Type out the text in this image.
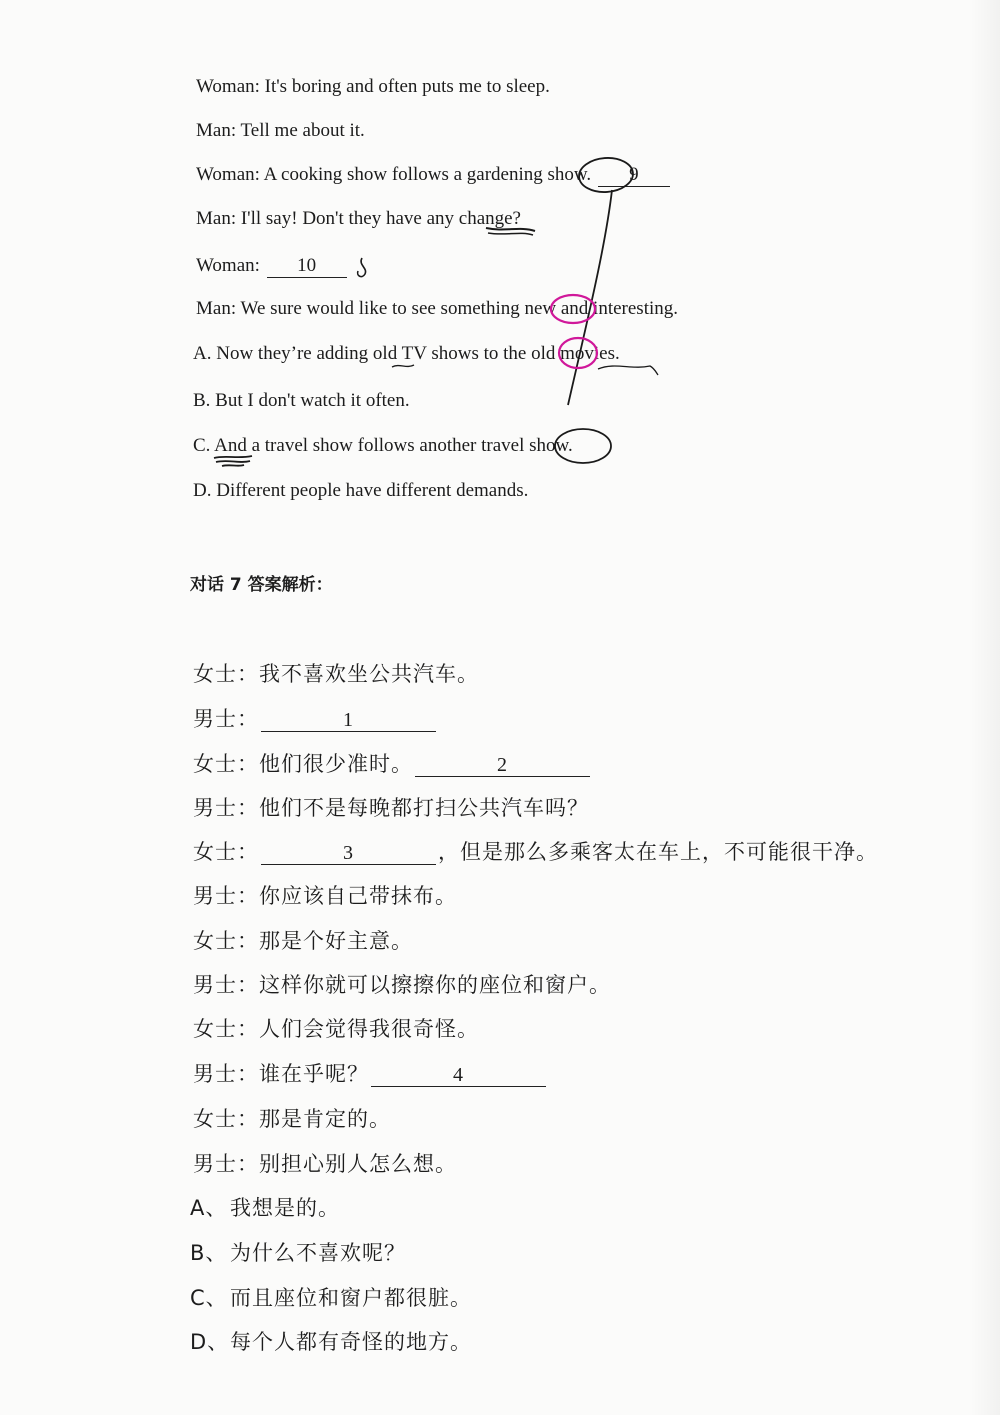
Woman: It's boring and often puts me to sleep.
Man: Tell me about it.
Woman: A cooking show follows a gardening show. 9
Man: I'll say! Don't they have any change?
Woman: 10
Man: We sure would like to see something new and interesting.
A. Now they’re adding old TV shows to the old movies.
B. But I don't watch it often.
C. And a travel show follows another travel show.
D. Different people have different demands.
对话 7 答案解析：
女士：我不喜欢坐公共汽车。
男士：	1
女士：他们很少准时。	2
男士：他们不是每晚都打扫公共汽车吗？
女士：	3	，但是那么多乘客太在车上，不可能很干净。
男士：你应该自己带抹布。
女士：那是个好主意。
男士：这样你就可以擦擦你的座位和窗户。
女士：人们会觉得我很奇怪。
男士：谁在乎呢？	4
女士：那是肯定的。
男士：别担心别人怎么想。
A、 我想是的。
B、 为什么不喜欢呢？
C、 而且座位和窗户都很脏。
D、每个人都有奇怪的地方。
